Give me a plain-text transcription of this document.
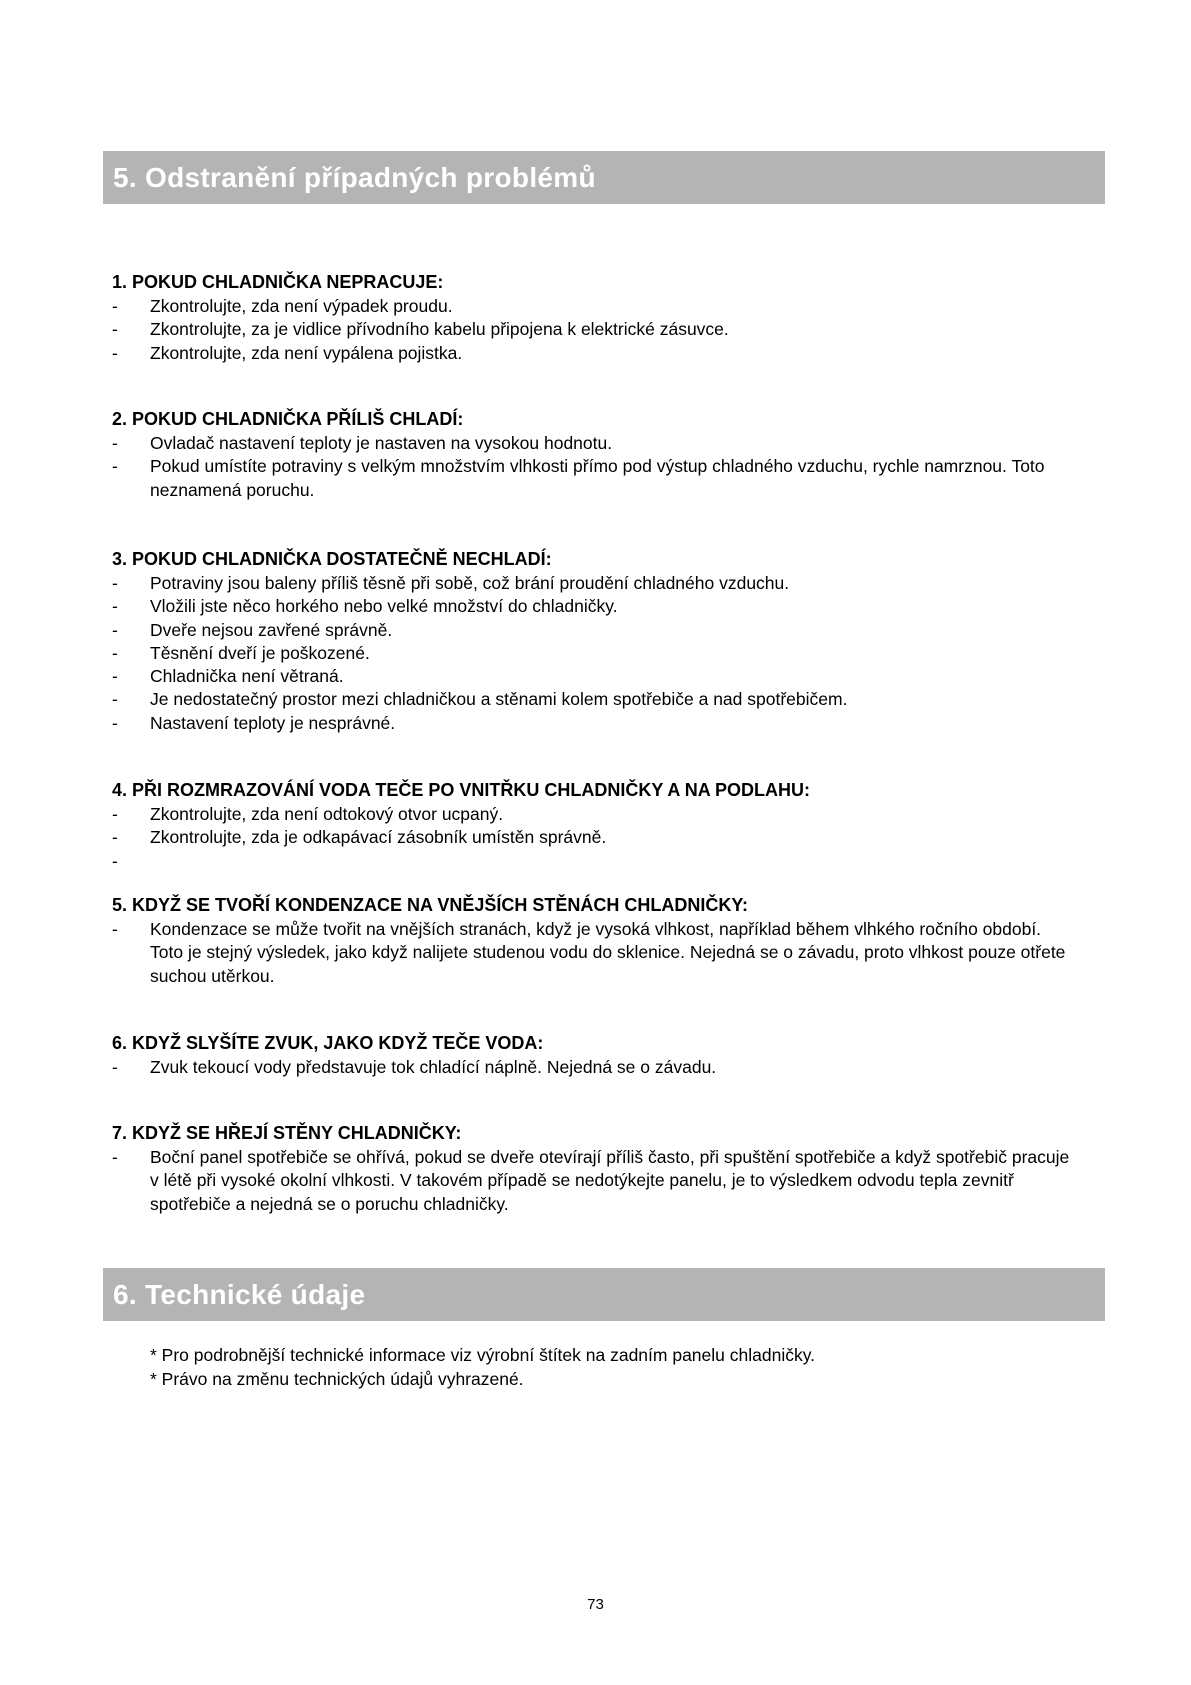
5. Odstranění případných problémů
1. POKUD CHLADNIČKA NEPRACUJE:
- Zkontrolujte, zda není výpadek proudu.
- Zkontrolujte, za je vidlice přívodního kabelu připojena k elektrické zásuvce.
- Zkontrolujte, zda není vypálena pojistka.
2. POKUD CHLADNIČKA PŘÍLIŠ CHLADÍ:
- Ovladač nastavení teploty je nastaven na vysokou hodnotu.
- Pokud umístíte potraviny s velkým množstvím vlhkosti přímo pod výstup chladného vzduchu, rychle namrznou. Toto neznamená poruchu.
3. POKUD CHLADNIČKA DOSTATEČNĚ NECHLADÍ:
- Potraviny jsou baleny příliš těsně při sobě, což brání proudění chladného vzduchu.
- Vložili jste něco horkého nebo velké množství do chladničky.
- Dveře nejsou zavřené správně.
- Těsnění dveří je poškozené.
- Chladnička není větraná.
- Je nedostatečný prostor mezi chladničkou a stěnami kolem spotřebiče a nad spotřebičem.
- Nastavení teploty je nesprávné.
4. PŘI ROZMRAZOVÁNÍ VODA TEČE PO VNITŘKU CHLADNIČKY A NA PODLAHU:
- Zkontrolujte, zda není odtokový otvor ucpaný.
- Zkontrolujte, zda je odkapávací zásobník umístěn správně.
-
5. KDYŽ SE TVOŘÍ KONDENZACE NA VNĚJŠÍCH STĚNÁCH CHLADNIČKY:
- Kondenzace se může tvořit na vnějších stranách, když je vysoká vlhkost, například během vlhkého ročního období. Toto je stejný výsledek, jako když nalijete studenou vodu do sklenice. Nejedná se o závadu, proto vlhkost pouze otřete suchou utěrkou.
6. KDYŽ SLYŠÍTE ZVUK, JAKO KDYŽ TEČE VODA:
- Zvuk tekoucí vody představuje tok chladící náplně. Nejedná se o závadu.
7. KDYŽ SE HŘEJÍ STĚNY CHLADNIČKY:
- Boční panel spotřebiče se ohřívá, pokud se dveře otevírají příliš často, při spuštění spotřebiče a když spotřebič pracuje v létě při vysoké okolní vlhkosti. V takovém případě se nedotýkejte panelu, je to výsledkem odvodu tepla zevnitř spotřebiče a nejedná se o poruchu chladničky.
6. Technické údaje
* Pro podrobnější technické informace viz výrobní štítek na zadním panelu chladničky.
* Právo na změnu technických údajů vyhrazené.
73
